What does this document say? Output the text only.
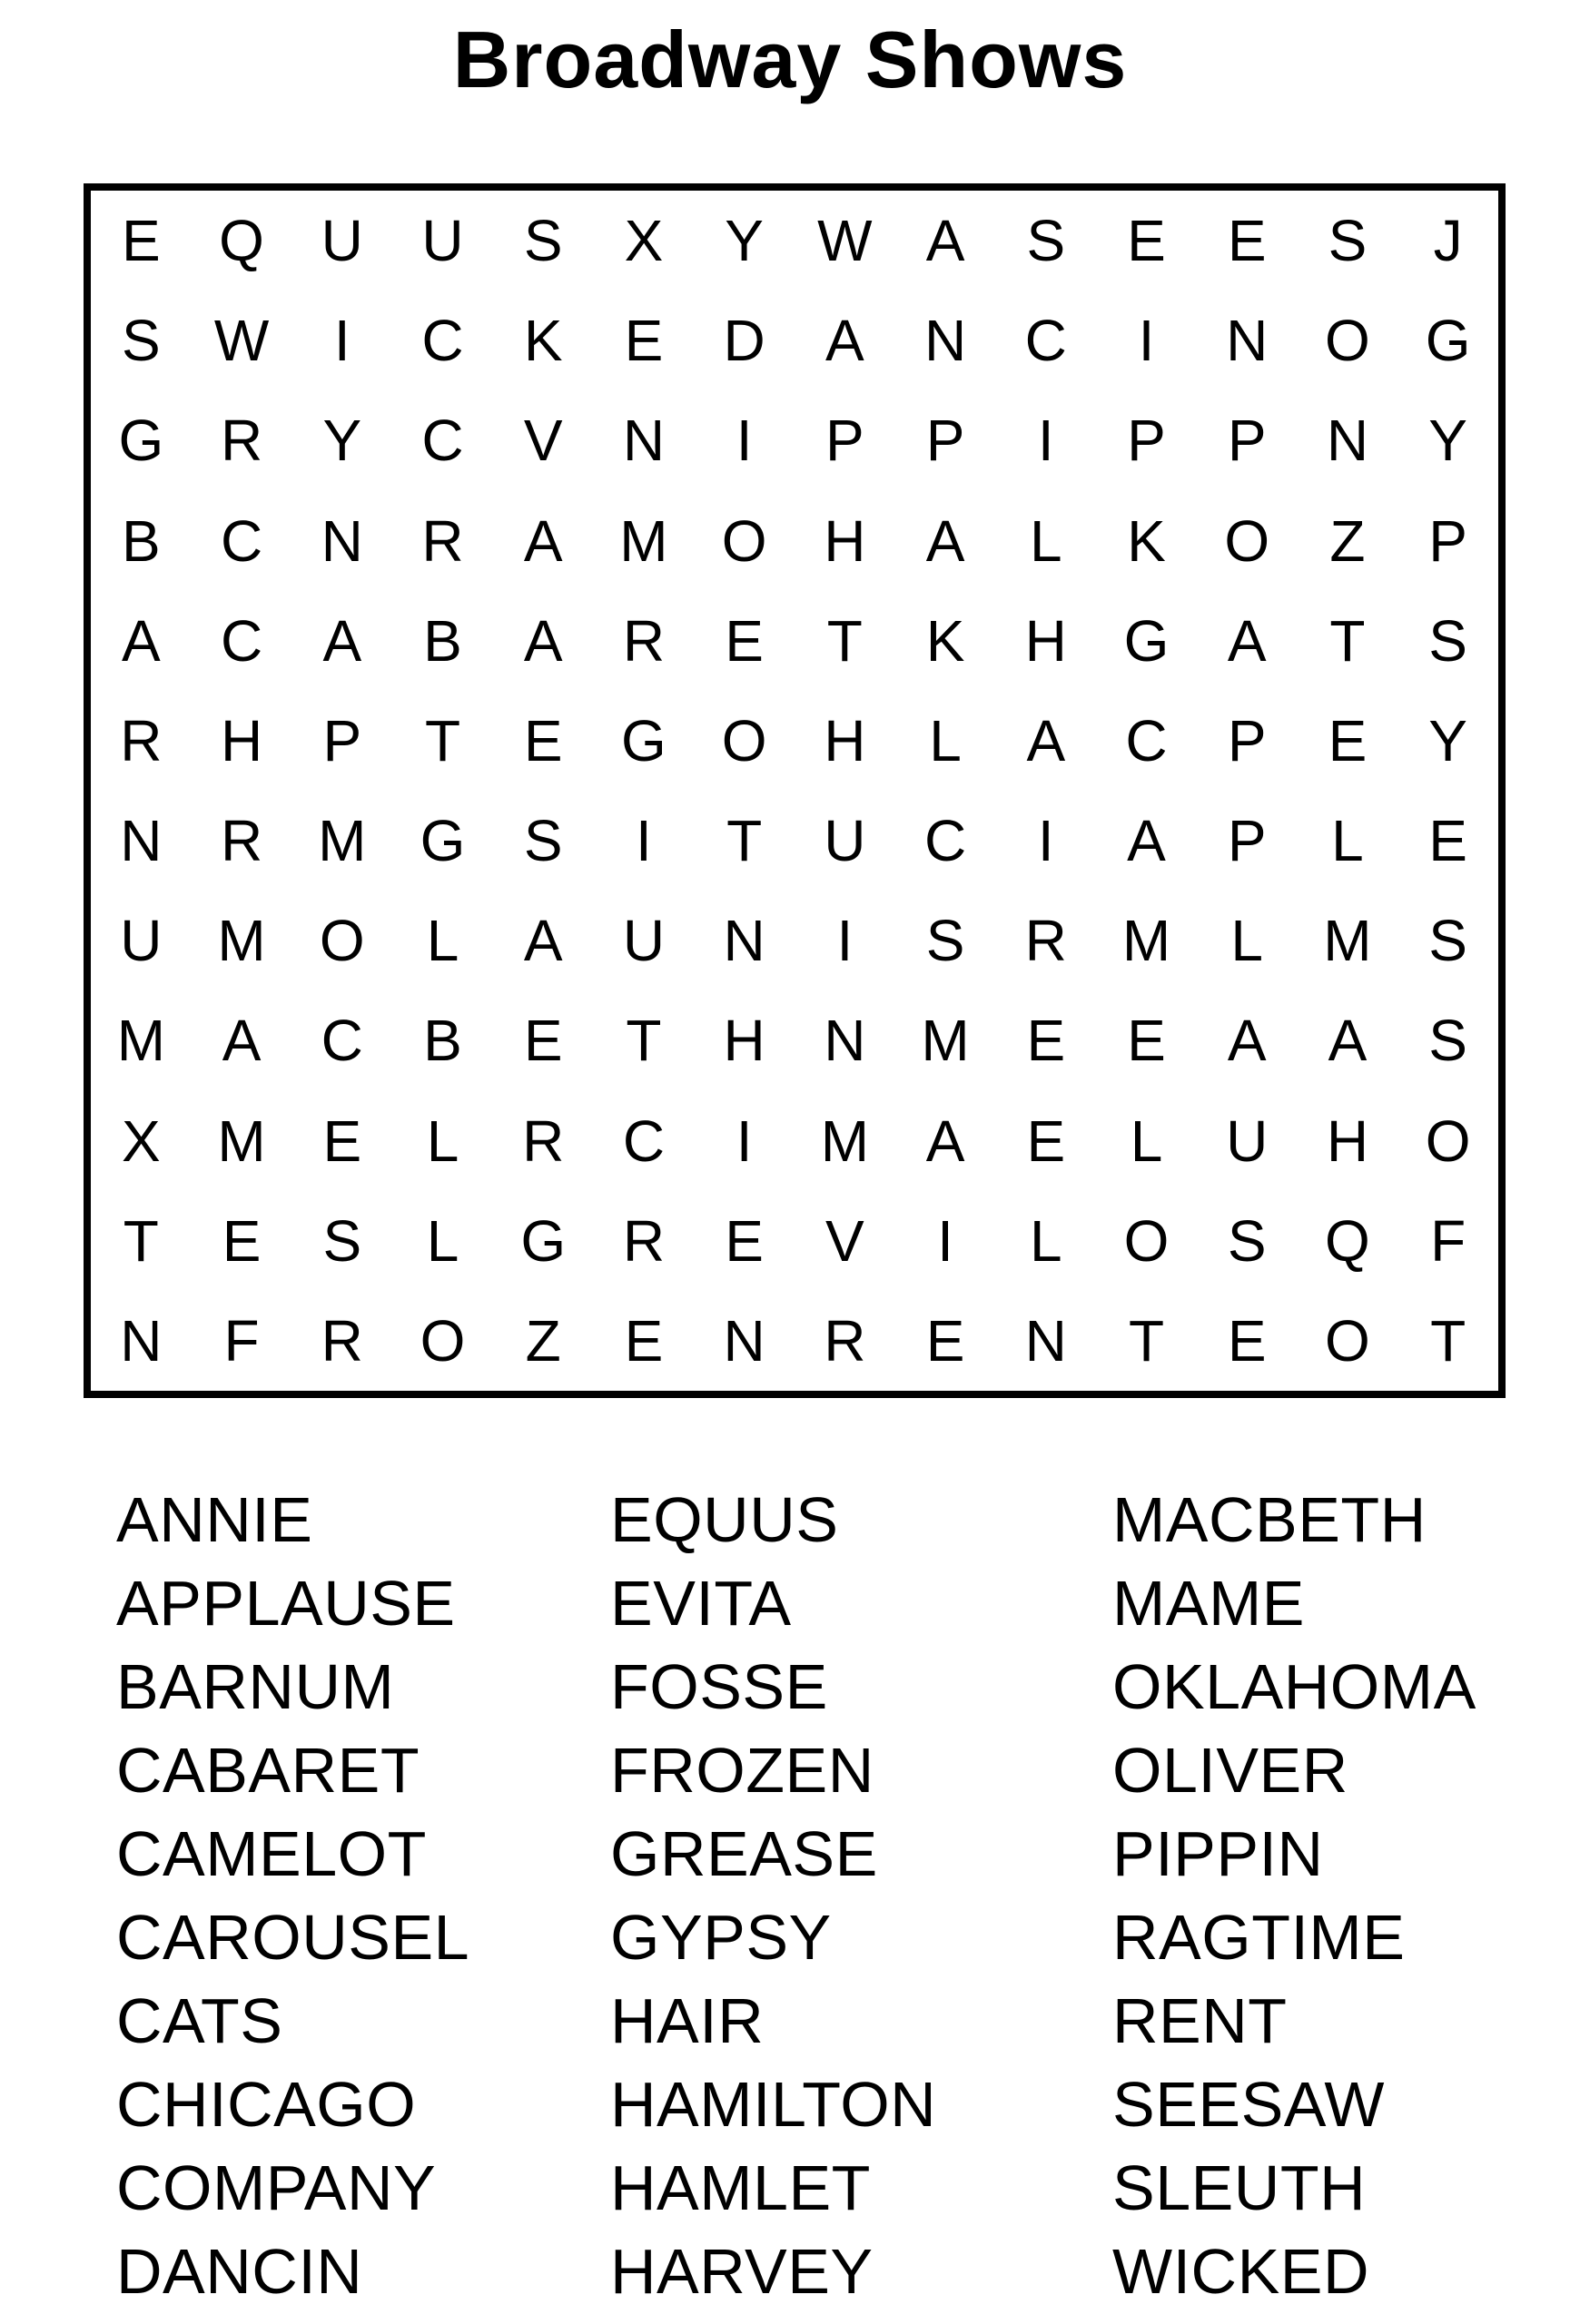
Broadway Shows
E	Q U	U	S	X	Y W A	S	E	E	S	J
S W	I	C	K	E	D	A	N	C	I	N O G
G R	Y	C	V	N	I	P	P	I	P	P	N	Y
B	C	N	R	A M O H	A	L	K	O	Z	P
A	C	A	B	A	R	E	T	K	H G	A	T	S
R	H	P	T	E	G O H	L	A	C	P	E	Y
N	R M G	S	I	T	U	C	I	A	P	L	E
U M O	L	A	U	N	I	S	R M	L	M S
M A	C	B	E	T	H	N M E	E	A	A	S
X M E	L	R	C	I	M A	E	L	U	H O
T	E	S	L	G R	E	V	I	L	O	S	Q	F
N	F	R O	Z	E	N	R	E	N	T	E	O	T
ANNIE
APPLAUSE
BARNUM
CABARET
CAMELOT
CAROUSEL
CATS
CHICAGO
COMPANY
DANCIN
EQUUS
EVITA
FOSSE
FROZEN
GREASE
GYPSY
HAIR
HAMILTON
HAMLET
HARVEY
MACBETH
MAME
OKLAHOMA
OLIVER
PIPPIN
RAGTIME
RENT
SEESAW
SLEUTH
WICKED
